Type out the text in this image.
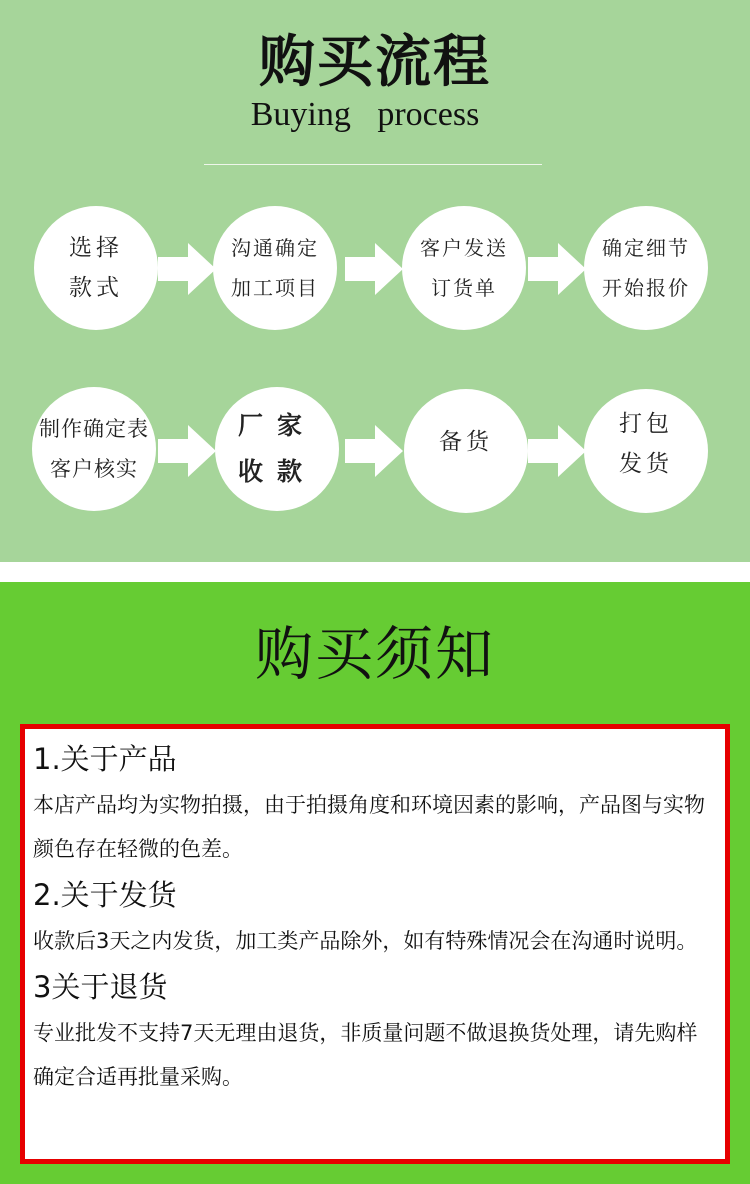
购买流程
Buying process
选择
款式
沟通确定
加工项目
客户发送
订货单
确定细节
开始报价
制作确定表
客户核实
厂家
收款
备货
打包
发货
购买须知

1.关于产品

本店产品均为实物拍摄，由于拍摄角度和环境因素的影响，产品图与实物颜色存在轻微的色差。

2.关于发货

收款后3天之内发货，加工类产品除外，如有特殊情况会在沟通时说明。

3关于退货

专业批发不支持7天无理由退货，非质量问题不做退换货处理，请先购样确定合适再批量采购。
